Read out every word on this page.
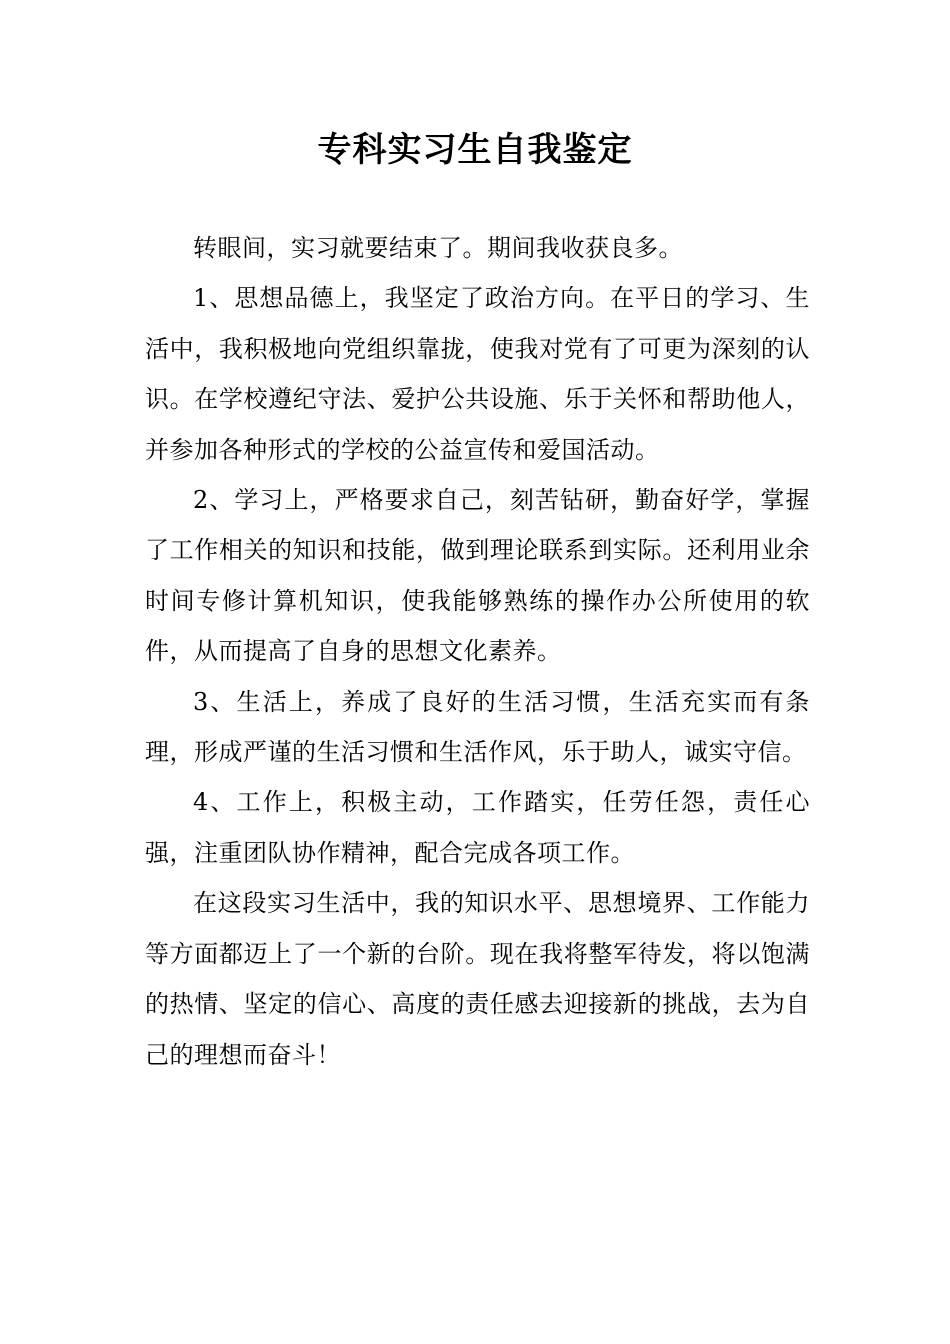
专科实习生自我鉴定

转眼间，实习就要结束了。期间我收获良多。

1、思想品德上，我坚定了政治方向。在平日的学习、生活中，我积极地向党组织靠拢，使我对党有了可更为深刻的认识。在学校遵纪守法、爱护公共设施、乐于关怀和帮助他人，并参加各种形式的学校的公益宣传和爱国活动。

2、学习上，严格要求自己，刻苦钻研，勤奋好学，掌握了工作相关的知识和技能，做到理论联系到实际。还利用业余时间专修计算机知识，使我能够熟练的操作办公所使用的软件，从而提高了自身的思想文化素养。

3、生活上，养成了良好的生活习惯，生活充实而有条理，形成严谨的生活习惯和生活作风，乐于助人，诚实守信。

4、工作上，积极主动，工作踏实，任劳任怨，责任心强，注重团队协作精神，配合完成各项工作。

在这段实习生活中，我的知识水平、思想境界、工作能力等方面都迈上了一个新的台阶。现在我将整军待发，将以饱满的热情、坚定的信心、高度的责任感去迎接新的挑战，去为自己的理想而奋斗！
